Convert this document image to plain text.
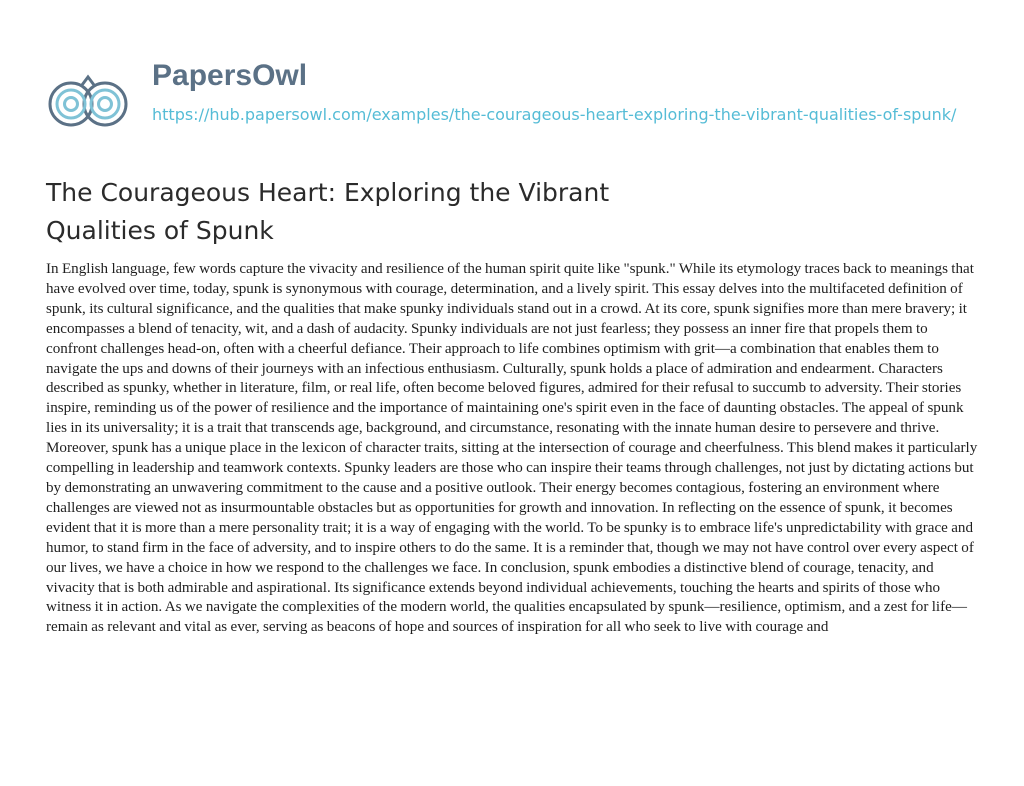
PapersOwl
https://hub.papersowl.com/examples/the-courageous-heart-exploring-the-vibrant-qualities-of-spunk/
The Courageous Heart: Exploring the Vibrant Qualities of Spunk

In English language, few words capture the vivacity and resilience of the human spirit quite like "spunk." While its etymology traces back to meanings that have evolved over time, today, spunk is synonymous with courage, determination, and a lively spirit. This essay delves into the multifaceted definition of spunk, its cultural significance, and the qualities that make spunky individuals stand out in a crowd. At its core, spunk signifies more than mere bravery; it encompasses a blend of tenacity, wit, and a dash of audacity. Spunky individuals are not just fearless; they possess an inner fire that propels them to confront challenges head-on, often with a cheerful defiance. Their approach to life combines optimism with grit—a combination that enables them to navigate the ups and downs of their journeys with an infectious enthusiasm. Culturally, spunk holds a place of admiration and endearment. Characters described as spunky, whether in literature, film, or real life, often become beloved figures, admired for their refusal to succumb to adversity. Their stories inspire, reminding us of the power of resilience and the importance of maintaining one's spirit even in the face of daunting obstacles. The appeal of spunk lies in its universality; it is a trait that transcends age, background, and circumstance, resonating with the innate human desire to persevere and thrive. Moreover, spunk has a unique place in the lexicon of character traits, sitting at the intersection of courage and cheerfulness. This blend makes it particularly compelling in leadership and teamwork contexts. Spunky leaders are those who can inspire their teams through challenges, not just by dictating actions but by demonstrating an unwavering commitment to the cause and a positive outlook. Their energy becomes contagious, fostering an environment where challenges are viewed not as insurmountable obstacles but as opportunities for growth and innovation. In reflecting on the essence of spunk, it becomes evident that it is more than a mere personality trait; it is a way of engaging with the world. To be spunky is to embrace life's unpredictability with grace and humor, to stand firm in the face of adversity, and to inspire others to do the same. It is a reminder that, though we may not have control over every aspect of our lives, we have a choice in how we respond to the challenges we face. In conclusion, spunk embodies a distinctive blend of courage, tenacity, and vivacity that is both admirable and aspirational. Its significance extends beyond individual achievements, touching the hearts and spirits of those who witness it in action. As we navigate the complexities of the modern world, the qualities encapsulated by spunk—resilience, optimism, and a zest for life—remain as relevant and vital as ever, serving as beacons of hope and sources of inspiration for all who seek to live with courage and
